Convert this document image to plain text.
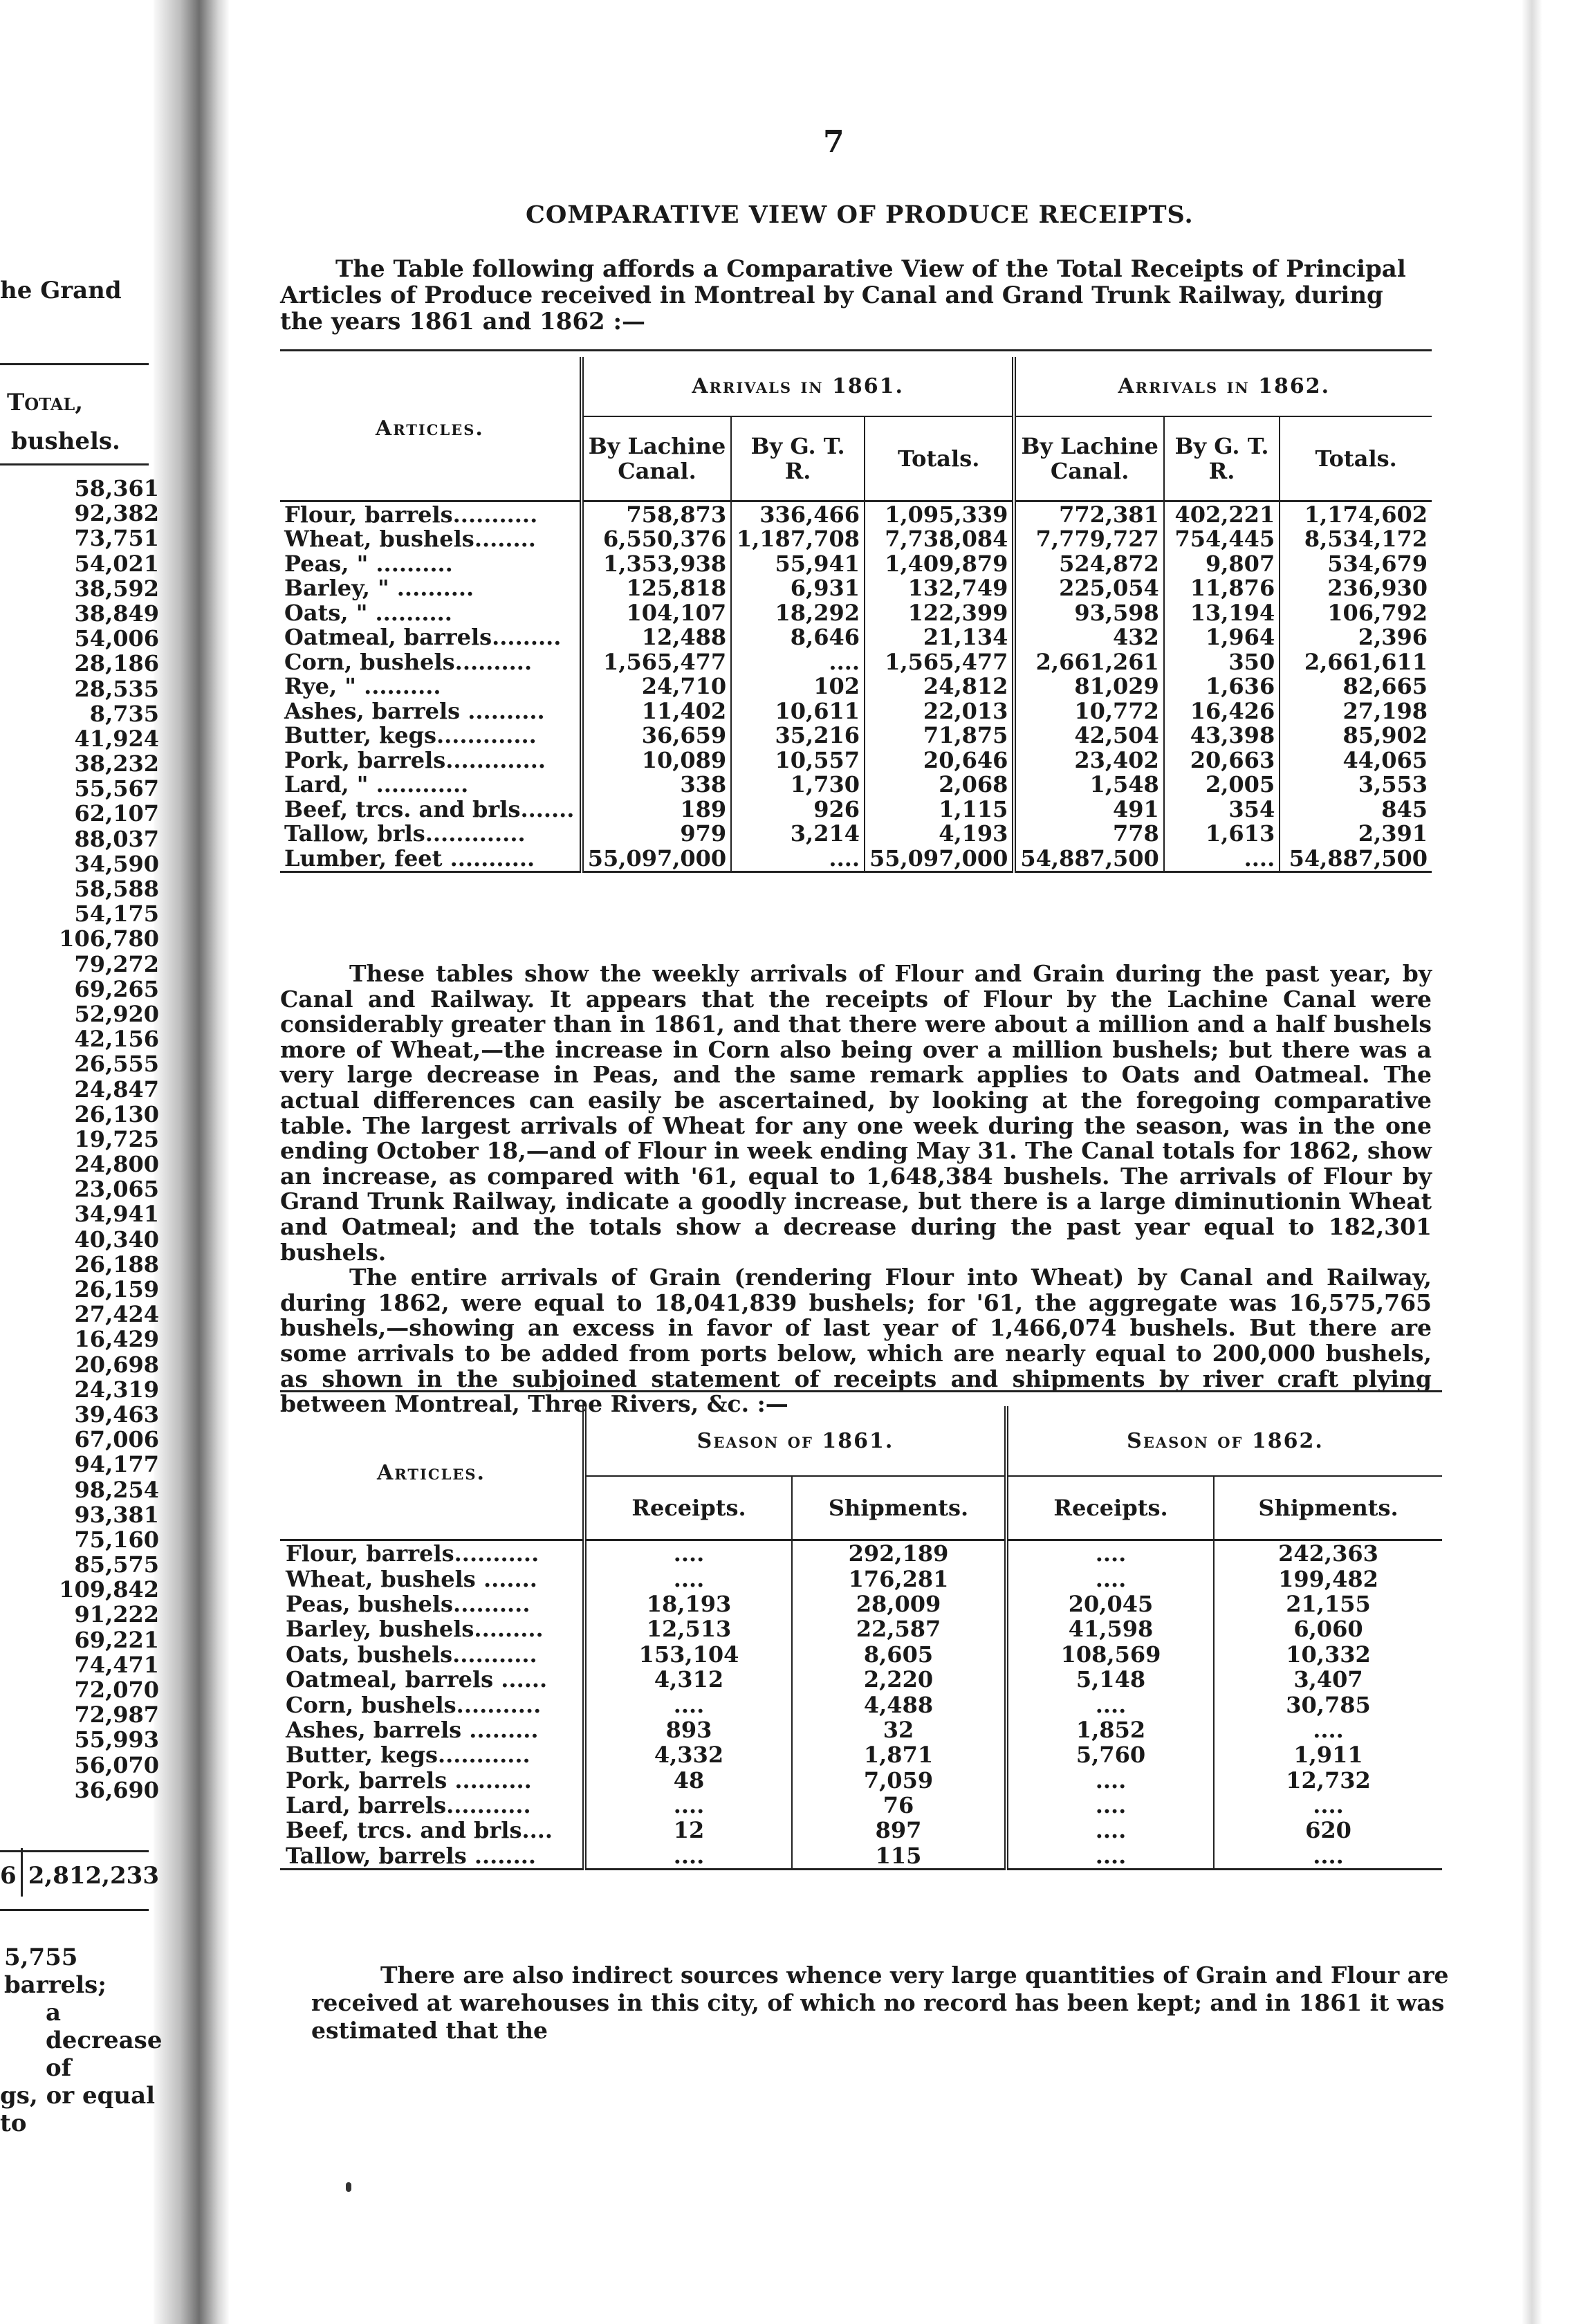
he Grand
Total,
bushels.
58,361
92,382
73,751
54,021
38,592
38,849
54,006
28,186
28,535
8,735
41,924
38,232
55,567
62,107
88,037
34,590
58,588
54,175
106,780
79,272
69,265
52,920
42,156
26,555
24,847
26,130
19,725
24,800
23,065
34,941
40,340
26,188
26,159
27,424
16,429
20,698
24,319
39,463
67,006
94,177
98,254
93,381
75,160
85,575
109,842
91,222
69,221
74,471
72,070
72,987
55,993
56,070
36,690
6 2,812,233
5,755 barrels;
a decrease of
gs, or equal to
7
COMPARATIVE VIEW OF PRODUCE RECEIPTS.

The Table following affords a Comparative View of the Total Receipts of Principal Articles of Produce received in Montreal by Canal and Grand Trunk Railway, during the years 1861 and 1862 :—

Articles.	Arrivals in 1861.			Arrivals in 1862.		
	By Lachine Canal.	By G. T. R.	Totals.	By Lachine Canal.	By G. T. R.	Totals.
Flour, barrels...........	758,873	336,466	1,095,339	772,381	402,221	1,174,602
Wheat, bushels........	6,550,376	1,187,708	7,738,084	7,779,727	754,445	8,534,172
Peas, " ..........	1,353,938	55,941	1,409,879	524,872	9,807	534,679
Barley, " ..........	125,818	6,931	132,749	225,054	11,876	236,930
Oats, " ..........	104,107	18,292	122,399	93,598	13,194	106,792
Oatmeal, barrels.........	12,488	8,646	21,134	432	1,964	2,396
Corn, bushels..........	1,565,477	....	1,565,477	2,661,261	350	2,661,611
Rye, " ..........	24,710	102	24,812	81,029	1,636	82,665
Ashes, barrels ..........	11,402	10,611	22,013	10,772	16,426	27,198
Butter, kegs.............	36,659	35,216	71,875	42,504	43,398	85,902
Pork, barrels.............	10,089	10,557	20,646	23,402	20,663	44,065
Lard, " ............	338	1,730	2,068	1,548	2,005	3,553
Beef, trcs. and brls.......	189	926	1,115	491	354	845
Tallow, brls.............	979	3,214	4,193	778	1,613	2,391
Lumber, feet ...........	55,097,000	....	55,097,000	54,887,500	....	54,887,500

These tables show the weekly arrivals of Flour and Grain during the past year, by Canal and Railway. It appears that the receipts of Flour by the Lachine Canal were considerably greater than in 1861, and that there were about a million and a half bushels more of Wheat,—the increase in Corn also being over a million bushels; but there was a very large decrease in Peas, and the same remark applies to Oats and Oatmeal. The actual differences can easily be ascertained, by looking at the foregoing comparative table. The largest arrivals of Wheat for any one week during the season, was in the one ending October 18,—and of Flour in week ending May 31. The Canal totals for 1862, show an increase, as compared with '61, equal to 1,648,384 bushels. The arrivals of Flour by Grand Trunk Railway, indicate a goodly increase, but there is a large diminutionin Wheat and Oatmeal; and the totals show a decrease during the past year equal to 182,301 bushels.

The entire arrivals of Grain (rendering Flour into Wheat) by Canal and Railway, during 1862, were equal to 18,041,839 bushels; for '61, the aggregate was 16,575,765 bushels,—showing an excess in favor of last year of 1,466,074 bushels. But there are some arrivals to be added from ports below, which are nearly equal to 200,000 bushels, as shown in the subjoined statement of receipts and shipments by river craft plying between Montreal, Three Rivers, &c. :—

Articles.	Season of 1861.		Season of 1862.	
	Receipts.	Shipments.	Receipts.	Shipments.
Flour, barrels...........	....	292,189	....	242,363
Wheat, bushels .......	....	176,281	....	199,482
Peas, bushels..........	18,193	28,009	20,045	21,155
Barley, bushels.........	12,513	22,587	41,598	6,060
Oats, bushels...........	153,104	8,605	108,569	10,332
Oatmeal, barrels ......	4,312	2,220	5,148	3,407
Corn, bushels...........	....	4,488	....	30,785
Ashes, barrels .........	893	32	1,852	....
Butter, kegs............	4,332	1,871	5,760	1,911
Pork, barrels ..........	48	7,059	....	12,732
Lard, barrels...........	....	76	....	....
Beef, trcs. and brls....	12	897	....	620
Tallow, barrels ........	....	115	....	....

There are also indirect sources whence very large quantities of Grain and Flour are received at warehouses in this city, of which no record has been kept; and in 1861 it was estimated that the
